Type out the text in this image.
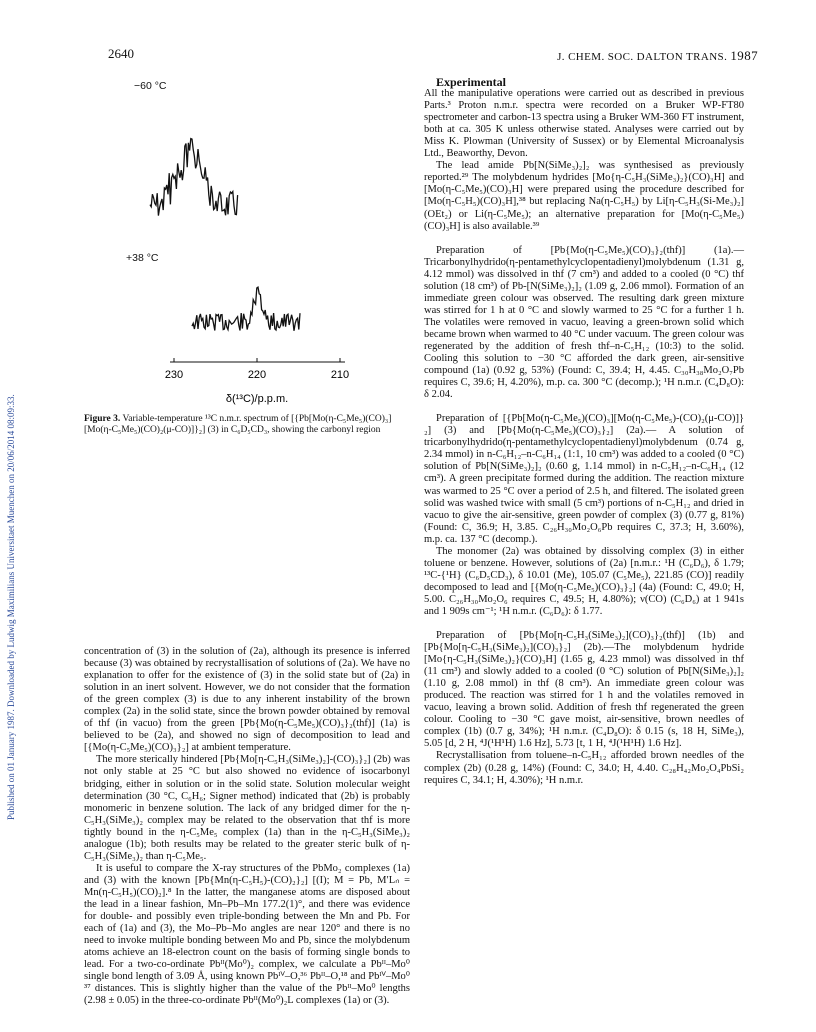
2640	J. CHEM. SOC. DALTON TRANS. 1987
Published on 01 January 1987. Downloaded by Ludwig Maximilians Universitaet Muenchen on 20/06/2014 08:09:33.
−60 °C
+38 °C
230	220	210
δ(¹³C)/p.p.m.
Figure 3. Variable-temperature ¹³C n.m.r. spectrum of [{Pb[Mo(η-C₅Me₅)(CO)₃][Mo(η-C₅Me₅)(CO)₂(μ-CO)]}₂] (3) in C₆D₅CD₃, showing the carbonyl region

concentration of (3) in the solution of (2a), although its presence is inferred because (3) was obtained by recrystallisation of solutions of (2a). We have no explanation to offer for the existence of (3) in the solid state but of (2a) in solution in an inert solvent. However, we do not consider that the formation of the green complex (3) is due to any inherent instability of the brown complex (2a) in the solid state, since the brown powder obtained by removal of thf (in vacuo) from the green [Pb{Mo(η-C₅Me₅)(CO)₃}₂(thf)] (1a) is believed to be (2a), and showed no sign of decomposition to lead and [{Mo(η-C₅Me₅)(CO)₃}₂] at ambient temperature.

The more sterically hindered [Pb{Mo[η-C₅H₃(SiMe₃)₂]-(CO)₃}₂] (2b) was not only stable at 25 °C but also showed no evidence of isocarbonyl bridging, either in solution or in the solid state. Solution molecular weight determination (30 °C, C₆H₆; Signer method) indicated that (2b) is probably monomeric in benzene solution. The lack of any bridged dimer for the η-C₅H₃(SiMe₃)₂ complex may be related to the observation that thf is more tightly bound in the η-C₅Me₅ complex (1a) than in the η-C₅H₃(SiMe₃)₂ analogue (1b); both results may be related to the greater steric bulk of η-C₅H₃(SiMe₃)₂ than η-C₅Me₅.

It is useful to compare the X-ray structures of the PbMo₂ complexes (1a) and (3) with the known [Pb{Mn(η-C₅H₅)-(CO)₂}₂] [(I); M = Pb, M′Lₙ = Mn(η-C₅H₅)(CO)₂].⁸ In the latter, the manganese atoms are disposed about the lead in a linear fashion, Mn–Pb–Mn 177.2(1)°, and there was evidence for double- and possibly even triple-bonding between the Mn and Pb. For each of (1a) and (3), the Mo–Pb–Mo angles are near 120° and there is no need to invoke multiple bonding between Mo and Pb, since the molybdenum atoms achieve an 18-electron count on the basis of forming single bonds to lead. For a two-co-ordinate Pbᴵᴵ(Mo⁰)₂ complex, we calculate a Pbᴵᴵ–Mo⁰ single bond length of 3.09 Å, using known Pbᴵⱽ–O,³⁶ Pbᴵᴵ–O,¹⁸ and Pbᴵⱽ–Mo⁰ ³⁷ distances. This is slightly higher than the value of the Pbᴵᴵ–Mo⁰ lengths (2.98 ± 0.05) in the three-co-ordinate Pbᴵᴵ(Mo⁰)₂L complexes (1a) or (3).

Experimental

All the manipulative operations were carried out as described in previous Parts.³ Proton n.m.r. spectra were recorded on a Bruker WP-FT80 spectrometer and carbon-13 spectra using a Bruker WM-360 FT instrument, both at ca. 305 K unless otherwise stated. Analyses were carried out by Miss K. Plowman (University of Sussex) or by Elemental Microanalysis Ltd., Beaworthy, Devon.

The lead amide Pb[N(SiMe₃)₂]₂ was synthesised as previously reported.²⁹ The molybdenum hydrides [Mo{η-C₅H₃(SiMe₃)₂}(CO)₃H] and [Mo(η-C₅Me₅)(CO)₃H] were prepared using the procedure described for [Mo(η-C₅H₅)(CO)₃H],³⁸ but replacing Na(η-C₅H₅) by Li[η-C₅H₃(Si-Me₃)₂](OEt₂) or Li(η-C₅Me₅); an alternative preparation for [Mo(η-C₅Me₅)(CO)₃H] is also available.³⁹

Preparation of [Pb{Mo(η-C₅Me₅)(CO)₃}₂(thf)] (1a).— Tricarbonylhydrido(η-pentamethylcyclopentadienyl)molybdenum (1.31 g, 4.12 mmol) was dissolved in thf (7 cm³) and added to a cooled (0 °C) thf solution (18 cm³) of Pb-[N(SiMe₃)₂]₂ (1.09 g, 2.06 mmol). Formation of an immediate green colour was observed. The resulting dark green mixture was stirred for 1 h at 0 °C and slowly warmed to 25 °C for a further 1 h. The volatiles were removed in vacuo, leaving a green-brown solid which became brown when warmed to 40 °C under vacuum. The green colour was regenerated by the addition of fresh thf–n-C₅H₁₂ (10:3) to the solid. Cooling this solution to −30 °C afforded the dark green, air-sensitive compound (1a) (0.92 g, 53%) (Found: C, 39.4; H, 4.45. C₃₀H₃₈Mo₂O₇Pb requires C, 39.6; H, 4.20%), m.p. ca. 300 °C (decomp.); ¹H n.m.r. (C₄D₈O): δ 2.04.

Preparation of [{Pb[Mo(η-C₅Me₅)(CO)₃][Mo(η-C₅Me₅)-(CO)₂(μ-CO)]}₂] (3) and [Pb{Mo(η-C₅Me₅)(CO)₃}₂] (2a).— A solution of tricarbonylhydrido(η-pentamethylcyclopentadienyl)molybdenum (0.74 g, 2.34 mmol) in n-C₆H₁₂–n-C₆H₁₄ (1:1, 10 cm³) was added to a cooled (0 °C) solution of Pb[N(SiMe₃)₂]₂ (0.60 g, 1.14 mmol) in n-C₅H₁₂–n-C₆H₁₄ (12 cm³). A green precipitate formed during the addition. The reaction mixture was warmed to 25 °C over a period of 2.5 h, and filtered. The isolated green solid was washed twice with small (5 cm³) portions of n-C₅H₁₂ and dried in vacuo to give the air-sensitive, green powder of complex (3) (0.77 g, 81%) (Found: C, 36.9; H, 3.85. C₂₆H₃₀Mo₂O₆Pb requires C, 37.3; H, 3.60%), m.p. ca. 137 °C (decomp.).

The monomer (2a) was obtained by dissolving complex (3) in either toluene or benzene. However, solutions of (2a) [n.m.r.: ¹H (C₆D₆), δ 1.79; ¹³C-{¹H} (C₆D₅CD₃), δ 10.01 (Me), 105.07 (C₅Me₅), 221.85 (CO)] readily decomposed to lead and [{Mo(η-C₅Me₅)(CO)₃}₂] (4a) (Found: C, 49.0; H, 5.00. C₂₆H₃₀Mo₂O₆ requires C, 49.5; H, 4.80%); ν(CO) (C₆D₆) at 1 941s and 1 909s cm⁻¹; ¹H n.m.r. (C₆D₆): δ 1.77.

Preparation of [Pb{Mo[η-C₅H₃(SiMe₃)₂](CO)₃}₂(thf)] (1b) and [Pb{Mo[η-C₅H₃(SiMe₃)₂](CO)₃}₂] (2b).—The molybdenum hydride [Mo{η-C₅H₃(SiMe₃)₂}(CO)₃H] (1.65 g, 4.23 mmol) was dissolved in thf (11 cm³) and slowly added to a cooled (0 °C) solution of Pb[N(SiMe₃)₂]₂ (1.10 g, 2.08 mmol) in thf (8 cm³). An immediate green colour was produced. The reaction was stirred for 1 h and the volatiles removed in vacuo, leaving a brown solid. Addition of fresh thf regenerated the green colour. Cooling to −30 °C gave moist, air-sensitive, brown needles of complex (1b) (0.7 g, 34%); ¹H n.m.r. (C₄D₈O): δ 0.15 (s, 18 H, SiMe₃), 5.05 [d, 2 H, ⁴J(¹H¹H) 1.6 Hz], 5.73 [t, 1 H, ⁴J(¹H¹H) 1.6 Hz].

Recrystallisation from toluene–n-C₅H₁₂ afforded brown needles of the complex (2b) (0.28 g, 14%) (Found: C, 34.0; H, 4.40. C₂₈H₄₂Mo₂O₄PbSi₂ requires C, 34.1; H, 4.30%); ¹H n.m.r.
